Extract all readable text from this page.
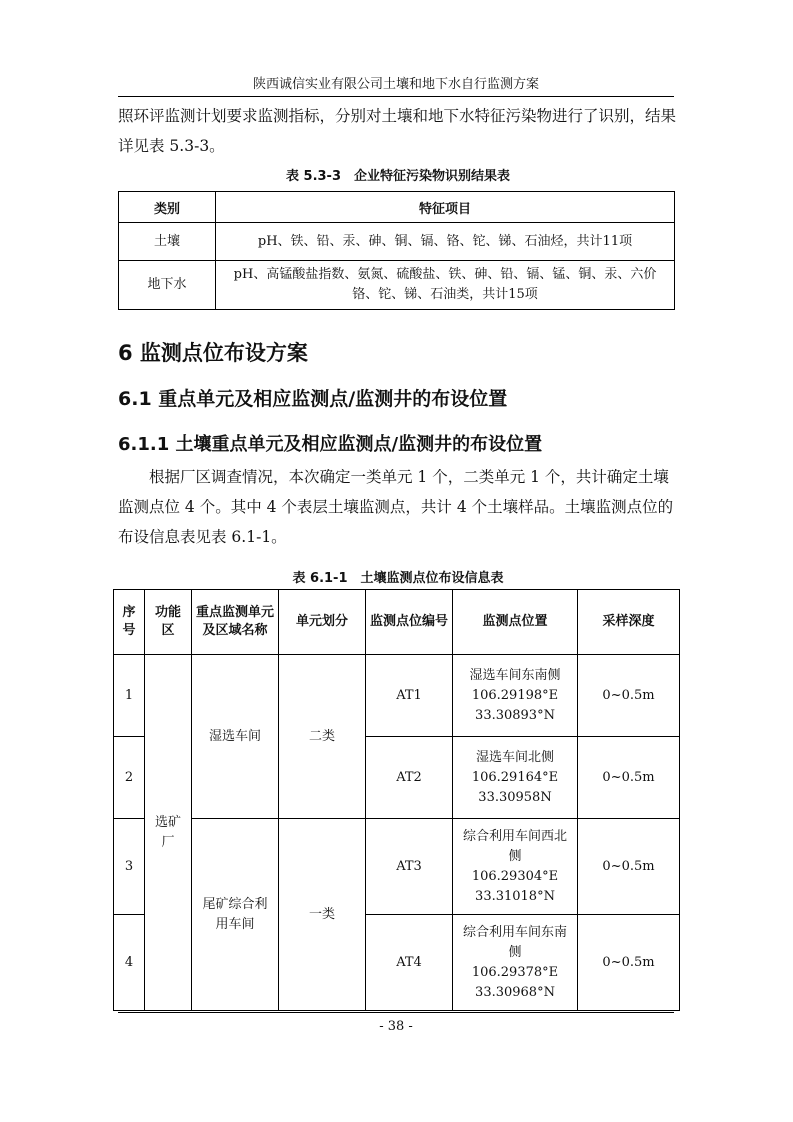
陕西诚信实业有限公司土壤和地下水自行监测方案
照环评监测计划要求监测指标，分别对土壤和地下水特征污染物进行了识别，结果详见表 5.3-3。
表 5.3-3　企业特征污染物识别结果表
类别	特征项目
土壤	pH、铁、铅、汞、砷、铜、镉、铬、铊、锑、石油烃，共计11项
地下水	pH、高锰酸盐指数、氨氮、硫酸盐、铁、砷、铅、镉、锰、铜、汞、六价铬、铊、锑、石油类，共计15项
6 监测点位布设方案
6.1 重点单元及相应监测点/监测井的布设位置
6.1.1 土壤重点单元及相应监测点/监测井的布设位置
根据厂区调查情况，本次确定一类单元 1 个，二类单元 1 个，共计确定土壤监测点位 4 个。其中 4 个表层土壤监测点，共计 4 个土壤样品。土壤监测点位的布设信息表见表 6.1-1。
表 6.1-1　土壤监测点位布设信息表
序号	功能区	重点监测单元及区域名称	单元划分	监测点位编号	监测点位置	采样深度
1	选矿厂	湿选车间	二类	AT1	湿选车间东南侧
106.29198°E
33.30893°N	0~0.5m
2				AT2	湿选车间北侧
106.29164°E
33.30958N	0~0.5m
3		尾矿综合利用车间	一类	AT3	综合利用车间西北侧
106.29304°E
33.31018°N	0~0.5m
4				AT4	综合利用车间东南侧
106.29378°E
33.30968°N	0~0.5m
- 38 -
